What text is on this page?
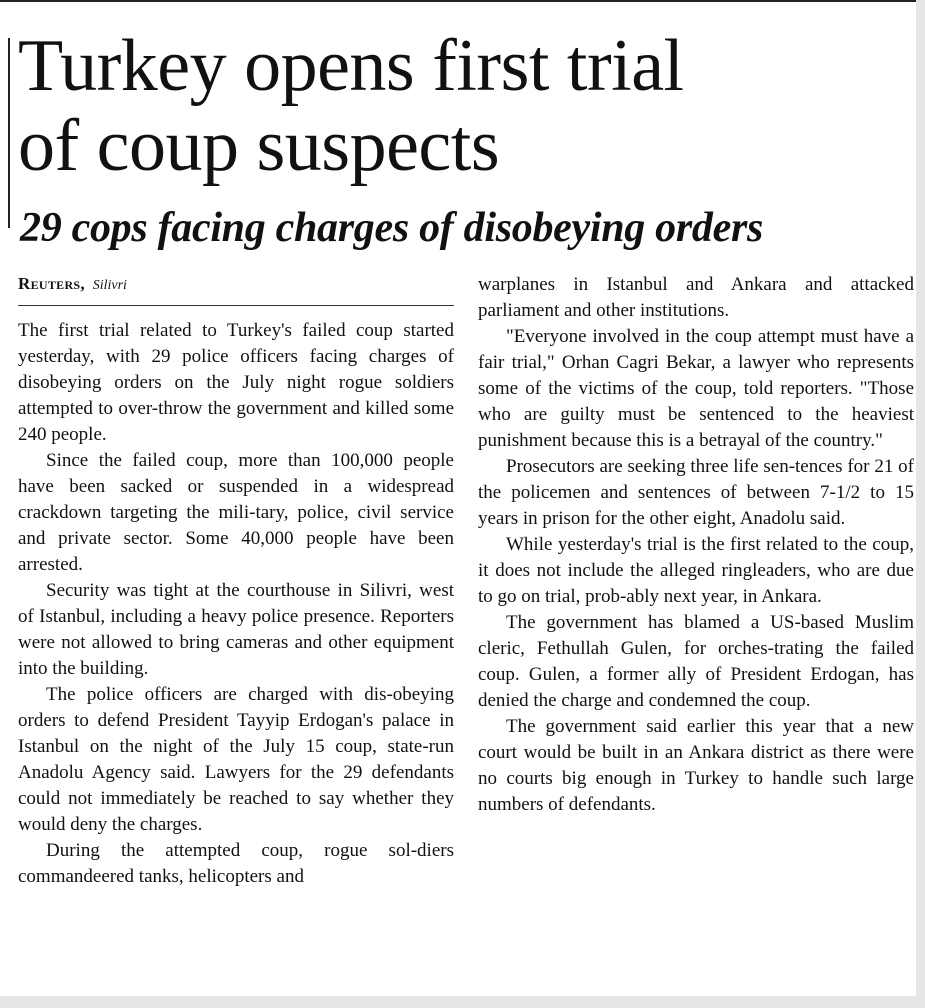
Turkey opens first trial
of coup suspects
29 cops facing charges of disobeying orders
Reuters, Silivri

The first trial related to Turkey's failed coup started yesterday, with 29 police officers facing charges of disobeying orders on the July night rogue soldiers attempted to over-throw the government and killed some 240 people.

Since the failed coup, more than 100,000 people have been sacked or suspended in a widespread crackdown targeting the mili-tary, police, civil service and private sector. Some 40,000 people have been arrested.

Security was tight at the courthouse in Silivri, west of Istanbul, including a heavy police presence. Reporters were not allowed to bring cameras and other equipment into the building.

The police officers are charged with dis-obeying orders to defend President Tayyip Erdogan's palace in Istanbul on the night of the July 15 coup, state-run Anadolu Agency said. Lawyers for the 29 defendants could not immediately be reached to say whether they would deny the charges.

During the attempted coup, rogue sol-diers commandeered tanks, helicopters and

warplanes in Istanbul and Ankara and attacked parliament and other institutions.

"Everyone involved in the coup attempt must have a fair trial," Orhan Cagri Bekar, a lawyer who represents some of the victims of the coup, told reporters. "Those who are guilty must be sentenced to the heaviest punishment because this is a betrayal of the country."

Prosecutors are seeking three life sen-tences for 21 of the policemen and sentences of between 7-1/2 to 15 years in prison for the other eight, Anadolu said.

While yesterday's trial is the first related to the coup, it does not include the alleged ringleaders, who are due to go on trial, prob-ably next year, in Ankara.

The government has blamed a US-based Muslim cleric, Fethullah Gulen, for orches-trating the failed coup. Gulen, a former ally of President Erdogan, has denied the charge and condemned the coup.

The government said earlier this year that a new court would be built in an Ankara district as there were no courts big enough in Turkey to handle such large numbers of defendants.
